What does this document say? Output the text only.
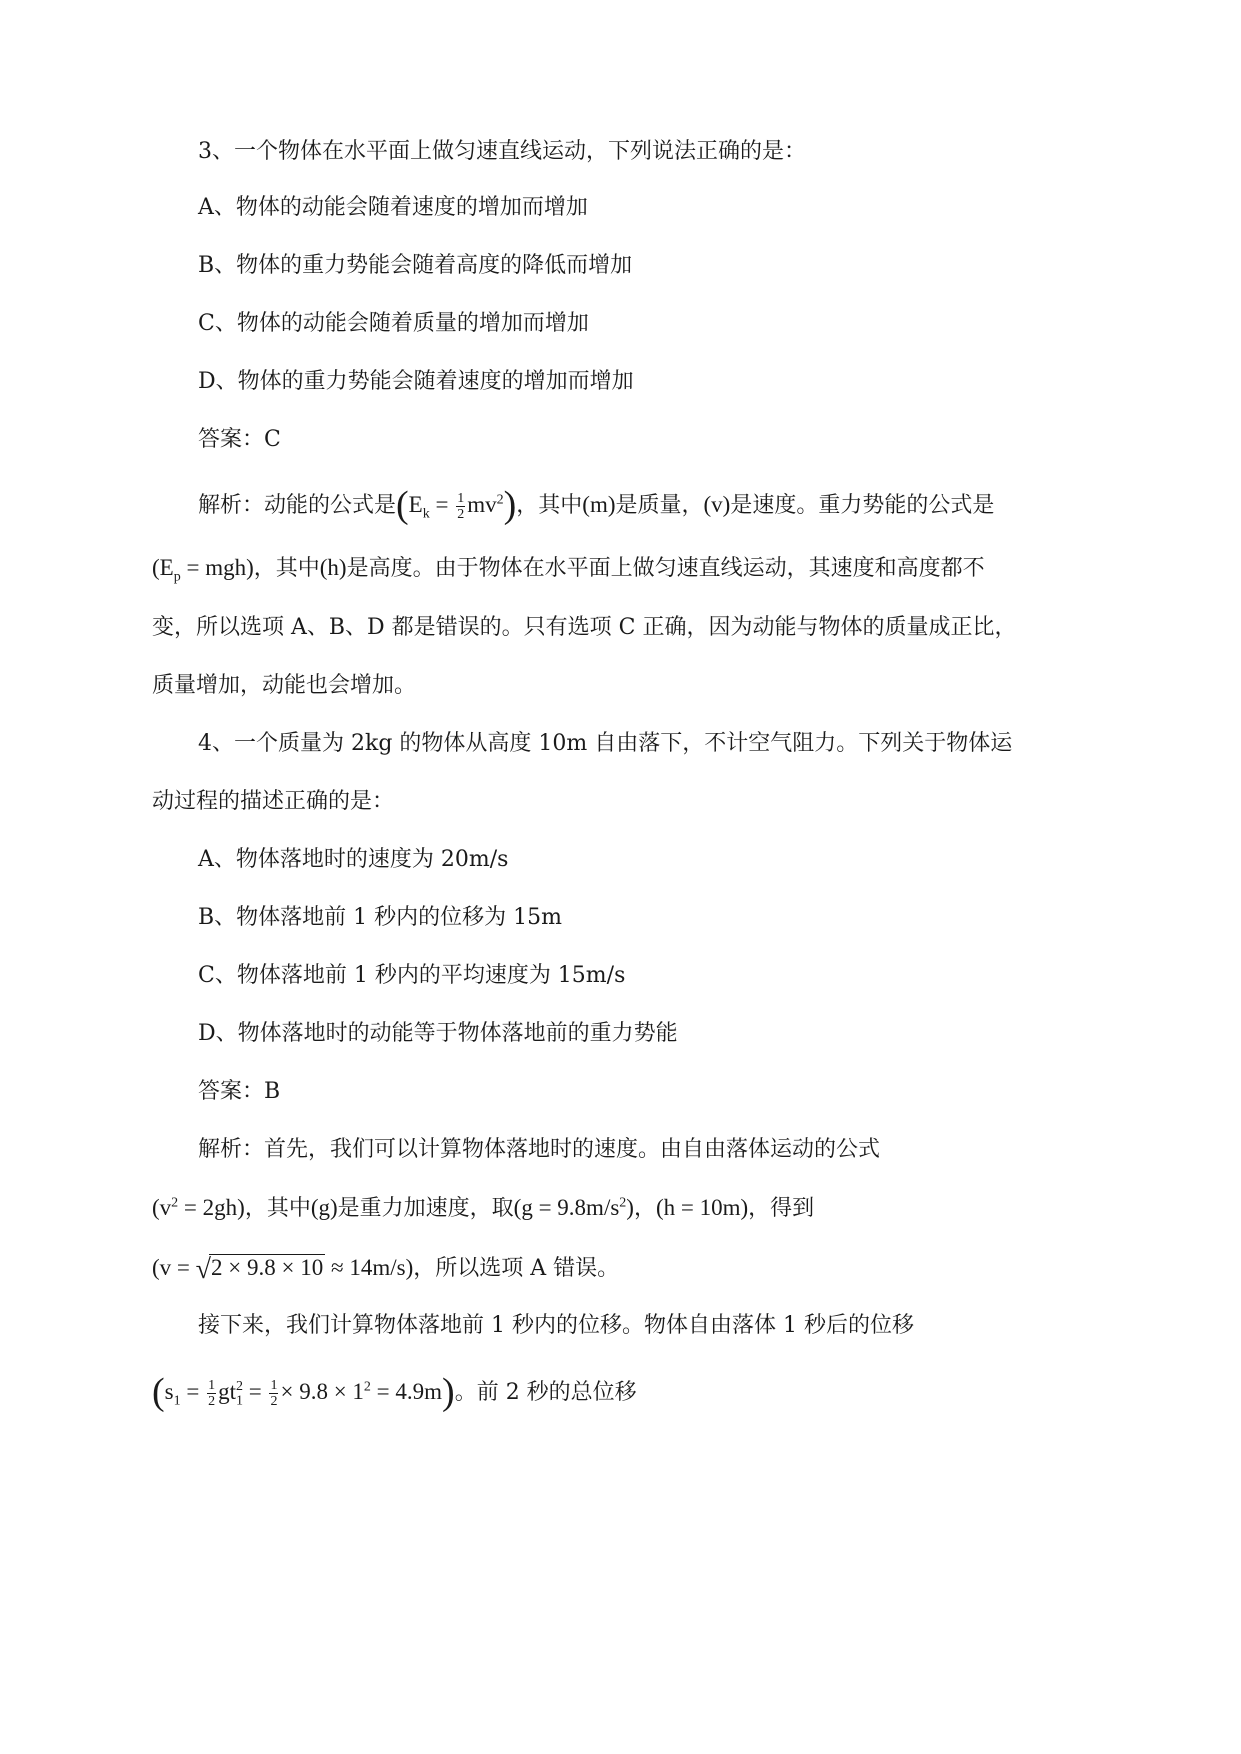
3、一个物体在水平面上做匀速直线运动，下列说法正确的是：

A、物体的动能会随着速度的增加而增加

B、物体的重力势能会随着高度的降低而增加

C、物体的动能会随着质量的增加而增加

D、物体的重力势能会随着速度的增加而增加

答案：C

解析：动能的公式是$(E_k = \frac{1}{2} mv^2)$，其中(m)是质量，(v)是速度。重力势能的公式是

$(E_p = mgh)$，其中(h)是高度。由于物体在水平面上做匀速直线运动，其速度和高度都不

变，所以选项 A、B、D 都是错误的。只有选项 C 正确，因为动能与物体的质量成正比，

质量增加，动能也会增加。

4、一个质量为 2kg 的物体从高度 10m 自由落下，不计空气阻力。下列关于物体运

动过程的描述正确的是：

A、物体落地时的速度为 20m/s

B、物体落地前 1 秒内的位移为 15m

C、物体落地前 1 秒内的平均速度为 15m/s

D、物体落地时的动能等于物体落地前的重力势能

答案：B

解析：首先，我们可以计算物体落地时的速度。由自由落体运动的公式

$(v^2 = 2gh)$，其中(g)是重力加速度，取$(g = 9.8m/s^2)$，(h = 10m)，得到

(v = √2 × 9.8 × 10 ≈ 14m/s)，所以选项 A 错误。

接下来，我们计算物体落地前 1 秒内的位移。物体自由落体 1 秒后的位移

$(s_1 = \frac{1}{2} gt_1^2 = \frac{1}{2} \times 9.8 \times 1^2 = 4.9m)$。前 2 秒的总位移
